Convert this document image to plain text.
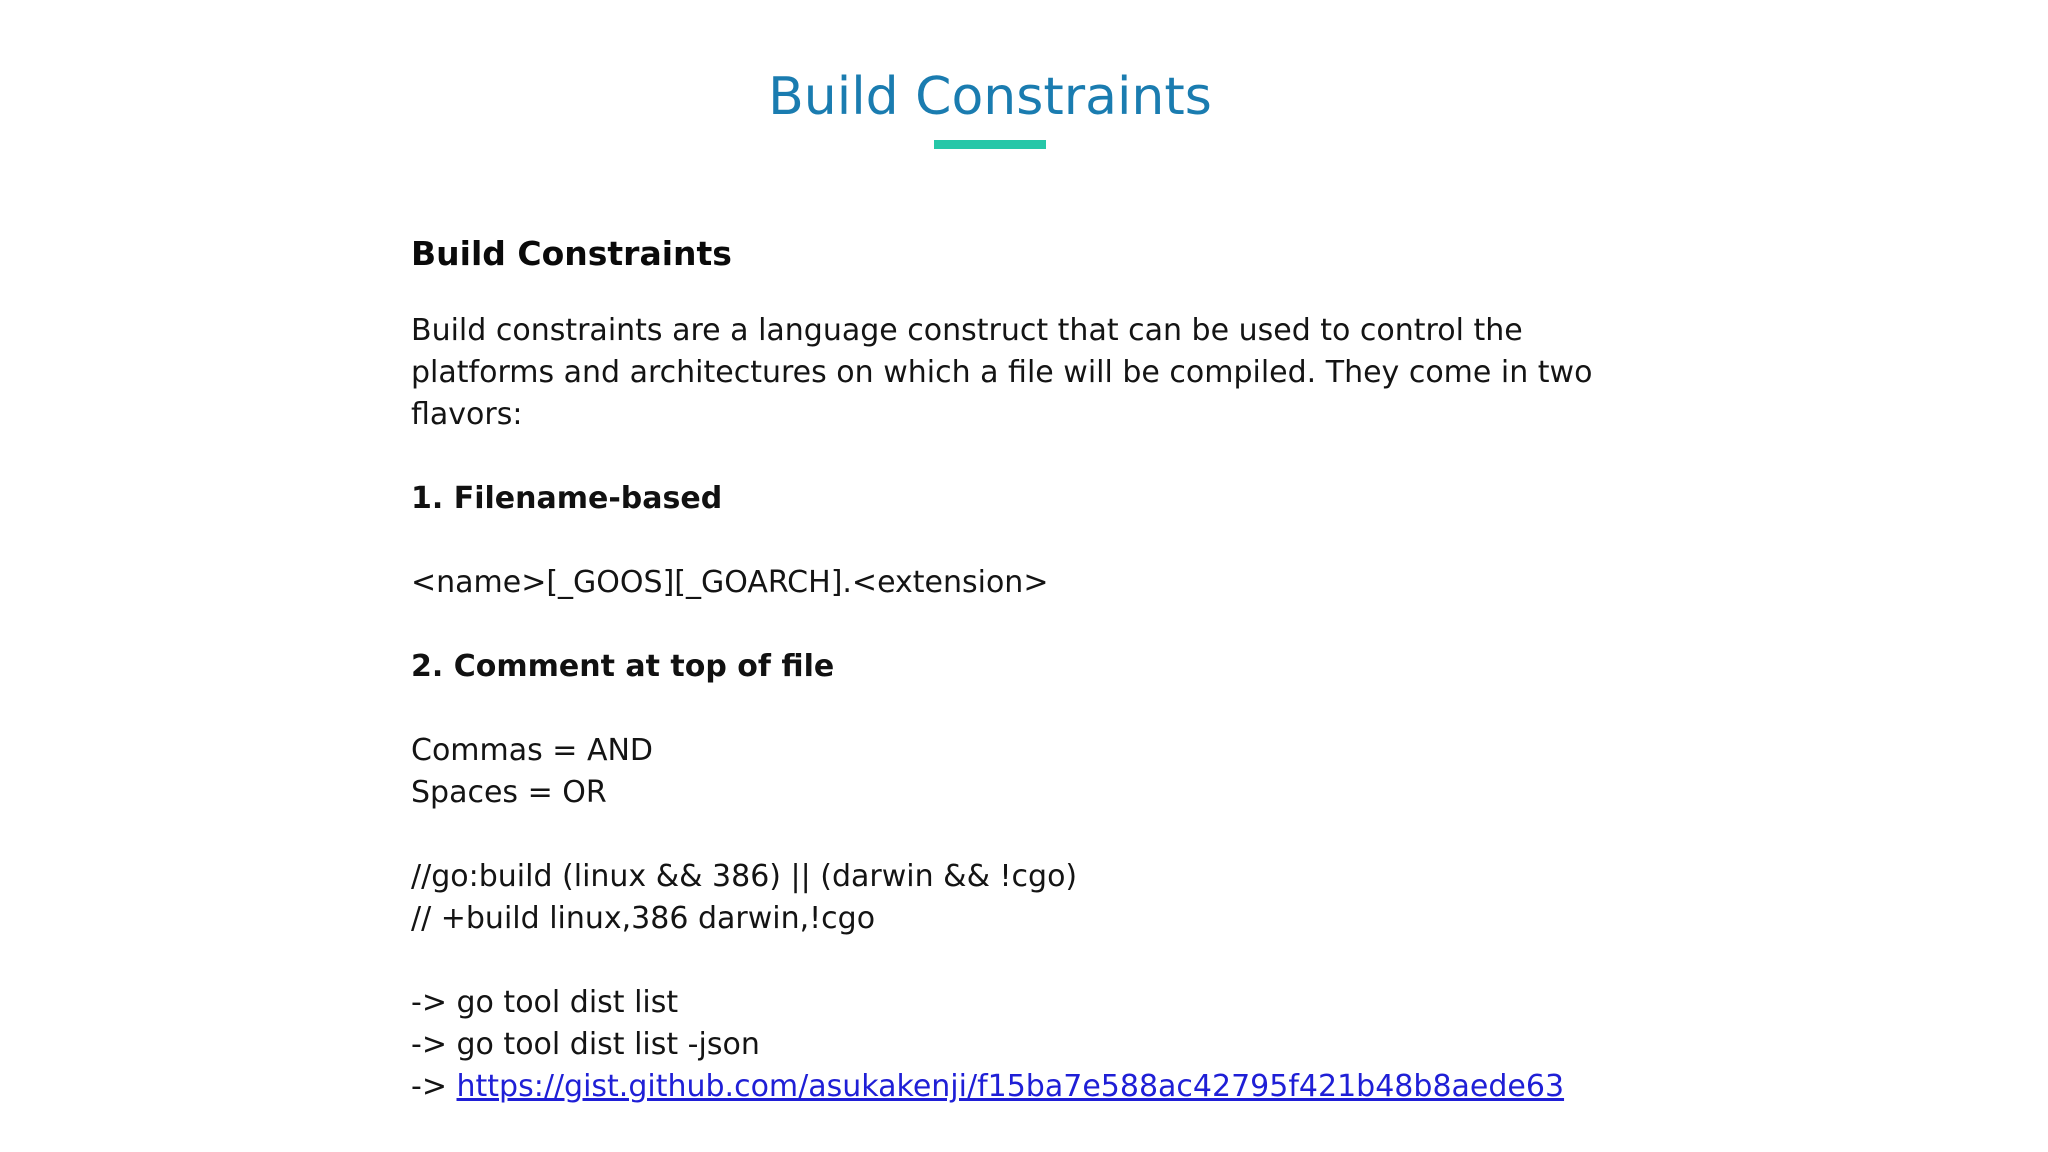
Build Constraints
Build Constraints
Build constraints are a language construct that can be used to control the platforms and architectures on which a file will be compiled. They come in two flavors:
1. Filename-based
<name>[_GOOS][_GOARCH].<extension>
2. Comment at top of file
Commas = AND
Spaces = OR
//go:build (linux && 386) || (darwin && !cgo)
// +build linux,386 darwin,!cgo
-> go tool dist list
-> go tool dist list -json
-> https://gist.github.com/asukakenji/f15ba7e588ac42795f421b48b8aede63
